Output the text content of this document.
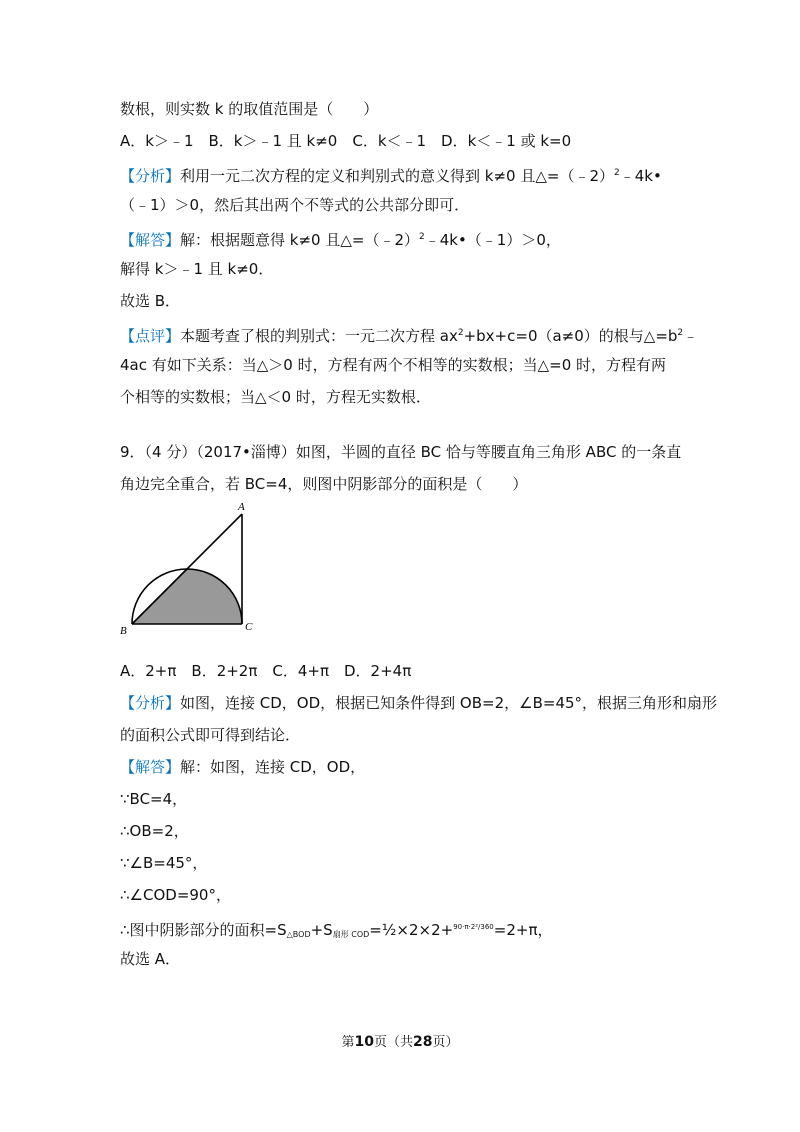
数根，则实数 k 的取值范围是（　　）
A．k＞﹣1　B．k＞﹣1 且 k≠0　C．k＜﹣1　D．k＜﹣1 或 k=0
【分析】利用一元二次方程的定义和判别式的意义得到 k≠0 且△=（﹣2）$^2$﹣4k•
（﹣1）＞0，然后其出两个不等式的公共部分即可．
【解答】解：根据题意得 k≠0 且△=（﹣2）$^2$﹣4k•（﹣1）＞0，
解得 k＞﹣1 且 k≠0．
故选 B．
【点评】本题考查了根的判别式：一元二次方程 $ax^2+bx+c=0(a\ne 0)$的根与$\triangle=b^2﹣$
4ac 有如下关系：当△＞0 时，方程有两个不相等的实数根；当△=0 时，方程有两
个相等的实数根；当△＜0 时，方程无实数根．
9．（4 分）（2017•淄博）如图，半圆的直径 BC 恰与等腰直角三角形 ABC 的一条直
角边完全重合，若 BC=4，则图中阴影部分的面积是（　　）
A
B	C
A．2+π　B．2+2π　C．4+π　D．2+4π
【分析】如图，连接 CD，OD，根据已知条件得到 OB=2，∠B=45°，根据三角形和扇形
的面积公式即可得到结论．
【解答】解：如图，连接 CD，OD，
∵BC=4，
∴OB=2，
∵∠B=45°，
∴∠COD=90°，
∴图中阴影部分的面积$=S_{\triangle BOD}+S_{扇形 COD}=\frac{1}{2}\times 2\times 2+^{90\cdot\pi\cdot 2^2/360}=2+\pi$，
故选 A．
第10页（共28页）
